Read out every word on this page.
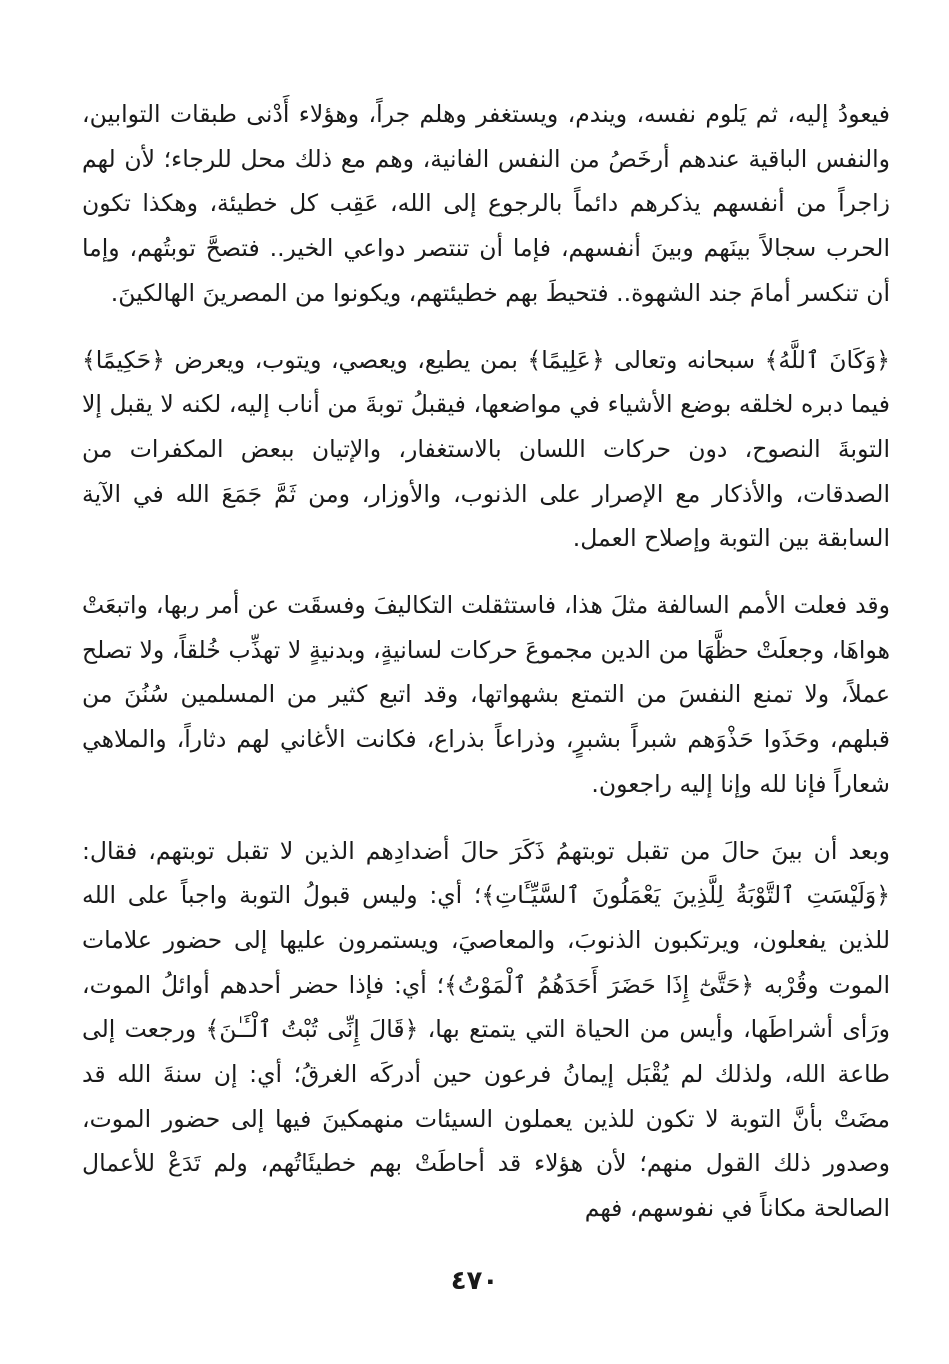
فيعودُ إليه، ثم يَلوم نفسه، ويندم، ويستغفر وهلم جراً، وهؤلاء أَدْنى طبقات التوابين، والنفس الباقية عندهم أرخَصُ من النفس الفانية، وهم مع ذلك محل للرجاء؛ لأن لهم زاجراً من أنفسهم يذكرهم دائماً بالرجوع إلى الله، عَقِب كل خطيئة، وهكذا تكون الحرب سجالاً بينَهم وبينَ أنفسهم، فإما أن تنتصر دواعي الخير.. فتصحَّ توبتُهم، وإما أن تنكسر أمامَ جند الشهوة.. فتحيطَ بهم خطيئتهم، ويكونوا من المصرينَ الهالكينَ.

﴿وَكَانَ ٱللَّهُ﴾ سبحانه وتعالى ﴿عَلِيمًا﴾ بمن يطيع، ويعصي، ويتوب، ويعرض ﴿حَكِيمًا﴾ فيما دبره لخلقه بوضع الأشياء في مواضعها، فيقبلُ توبةَ من أناب إليه، لكنه لا يقبل إلا التوبةَ النصوح، دون حركات اللسان بالاستغفار، والإتيان ببعض المكفرات من الصدقات، والأذكار مع الإصرار على الذنوب، والأوزار، ومن ثَمَّ جَمَعَ الله في الآية السابقة بين التوبة وإصلاح العمل.

وقد فعلت الأمم السالفة مثلَ هذا، فاستثقلت التكاليفَ وفسقَت عن أمر ربها، واتبعَتْ هواهَا، وجعلَتْ حظَّهَا من الدين مجموعَ حركات لسانيةٍ، وبدنيةٍ لا تهذِّب خُلقاً، ولا تصلح عملاً، ولا تمنع النفسَ من التمتع بشهواتها، وقد اتبع كثير من المسلمين سُنُنَ من قبلهم، وحَذَوا حَذْوَهم شبراً بشبرٍ، وذراعاً بذراع، فكانت الأغاني لهم دثاراً، والملاهي شعاراً فإنا لله وإنا إليه راجعون.

وبعد أن بينَ حالَ من تقبل توبتهمُ ذَكَرَ حالَ أضدادِهم الذين لا تقبل توبتهم، فقال: ﴿وَلَيْسَتِ ٱلتَّوْبَةُ لِلَّذِينَ يَعْمَلُونَ ٱلسَّيِّـَٔاتِ﴾؛ أي: وليس قبولُ التوبة واجباً على الله للذين يفعلون، ويرتكبون الذنوبَ، والمعاصيَ، ويستمرون عليها إلى حضور علامات الموت وقُرْبه ﴿حَتَّىٰٓ إِذَا حَضَرَ أَحَدَهُمُ ٱلْمَوْتُ﴾؛ أي: فإذا حضر أحدهم أوائلُ الموت، ورَأى أشراطَها، وأيس من الحياة التي يتمتع بها، ﴿قَالَ إِنِّى تُبْتُ ٱلْـَٔـٰنَ﴾ ورجعت إلى طاعة الله، ولذلك لم يُقْبَل إيمانُ فرعون حين أدركَه الغرقُ؛ أي: إن سنةَ الله قد مضَتْ بأنَّ التوبة لا تكون للذين يعملون السيئات منهمكينَ فيها إلى حضور الموت، وصدور ذلك القول منهم؛ لأن هؤلاء قد أحاطَتْ بهم خطيئَاتُهم، ولم تَدَعْ للأعمال الصالحة مكاناً في نفوسهم، فهم

٤٧٠
